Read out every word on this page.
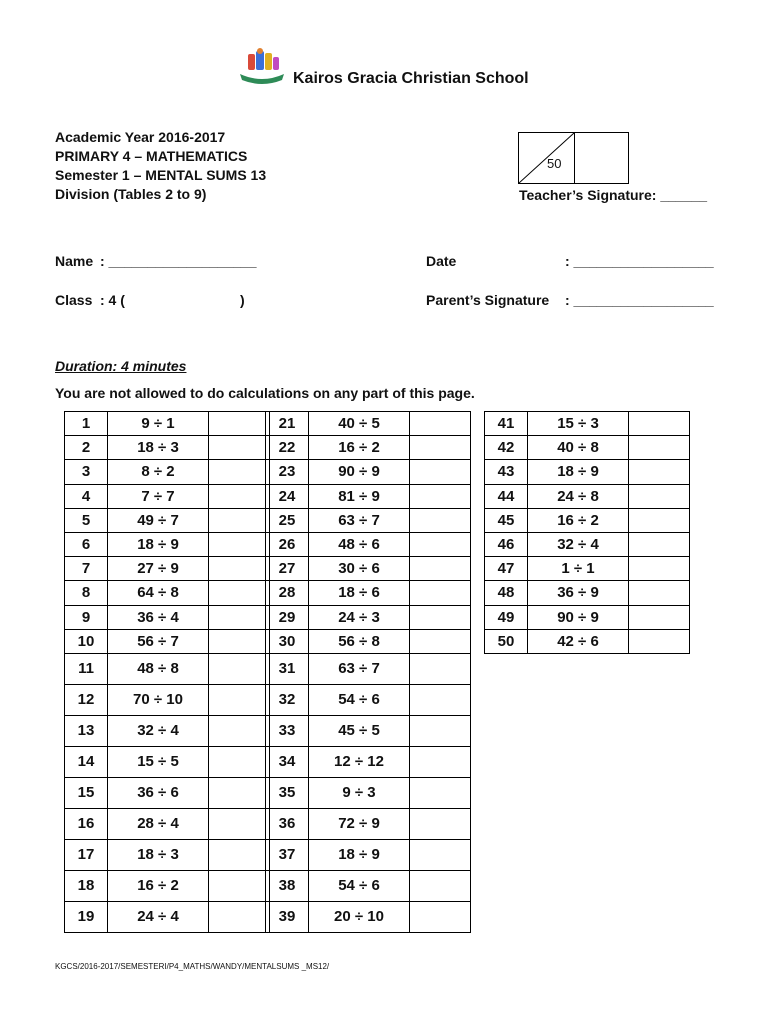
Kairos Gracia Christian School
Academic Year 2016-2017
PRIMARY 4 – MATHEMATICS
Semester 1 – MENTAL SUMS 13
Division (Tables 2 to 9)
50
Teacher’s Signature: ______
Name : ___________________	Date	: __________________
Class : 4 (	)	Parent’s Signature : __________________
Duration: 4 minutes
You are not allowed to do calculations on any part of this page.
1	9 ÷ 1	
2	18 ÷ 3	
3	8 ÷ 2	
4	7 ÷ 7	
5	49 ÷ 7	
6	18 ÷ 9	
7	27 ÷ 9	
8	64 ÷ 8	
9	36 ÷ 4	
10	56 ÷ 7	
11	48 ÷ 8	
12	70 ÷ 10	
13	32 ÷ 4	
14	15 ÷ 5	
15	36 ÷ 6	
16	28 ÷ 4	
17	18 ÷ 3	
18	16 ÷ 2	
19	24 ÷ 4	
21	40 ÷ 5	
22	16 ÷ 2	
23	90 ÷ 9	
24	81 ÷ 9	
25	63 ÷ 7	
26	48 ÷ 6	
27	30 ÷ 6	
28	18 ÷ 6	
29	24 ÷ 3	
30	56 ÷ 8	
31	63 ÷ 7	
32	54 ÷ 6	
33	45 ÷ 5	
34	12 ÷ 12	
35	9 ÷ 3	
36	72 ÷ 9	
37	18 ÷ 9	
38	54 ÷ 6	
39	20 ÷ 10	
41	15 ÷ 3	
42	40 ÷ 8	
43	18 ÷ 9	
44	24 ÷ 8	
45	16 ÷ 2	
46	32 ÷ 4	
47	1 ÷ 1	
48	36 ÷ 9	
49	90 ÷ 9	
50	42 ÷ 6	
KGCS/2016-2017/SEMESTERI/P4_MATHS/WANDY/MENTALSUMS _MS12/
